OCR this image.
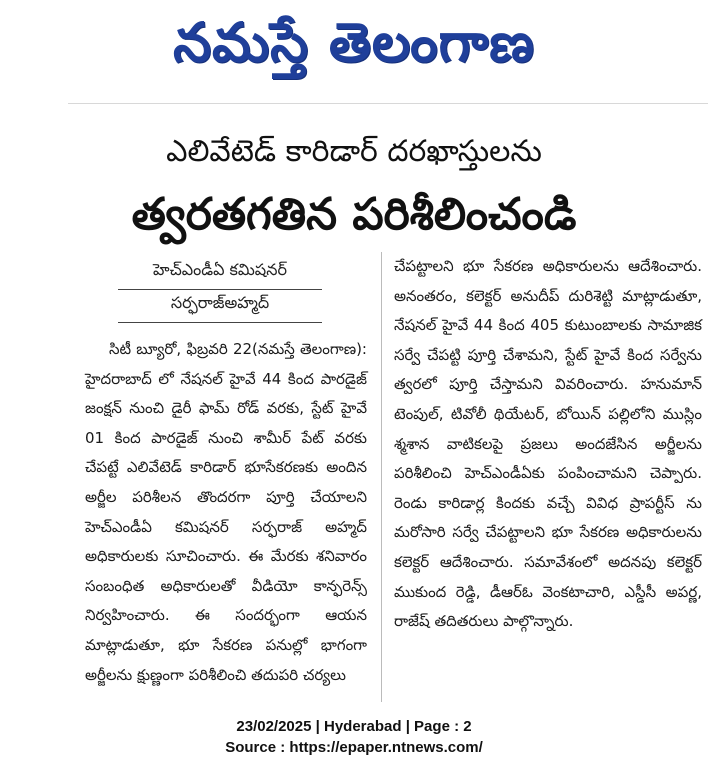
నమస్తే తెలంగాణ
ఎలివేటెడ్ కారిడార్ దరఖాస్తులను
త్వరతగతిన పరిశీలించండి
హెచ్ఎండీఏ కమిషనర్
సర్ఫరాజ్అహ్మద్

సిటీ బ్యూరో, ఫిబ్రవరి 22(నమస్తే తెలంగాణ): హైదరాబాద్ లో నేషనల్ హైవే 44 కింద పారడైజ్ జంక్షన్ నుంచి డైరీ ఫామ్ రోడ్ వరకు, స్టేట్ హైవే 01 కింద పారడైజ్ నుంచి శామీర్ పేట్ వరకు చేపట్టే ఎలివేటెడ్ కారిడార్ భూసేకరణకు అందిన అర్జీల పరిశీలన తొందరగా పూర్తి చేయాలని హెచ్ఎండీఏ కమిషనర్ సర్ఫరాజ్ అహ్మద్ అధికారులకు సూచించారు. ఈ మేరకు శనివారం సంబంధిత అధికారులతో వీడియో కాన్ఫరెన్స్ నిర్వహించారు. ఈ సందర్భంగా ఆయన మాట్లాడుతూ, భూ సేకరణ పనుల్లో భాగంగా అర్జీలను క్షుణ్ణంగా పరిశీలించి తదుపరి చర్యలు

చేపట్టాలని భూ సేకరణ అధికారులను ఆదేశించారు. అనంతరం, కలెక్టర్ అనుదీప్ దురిశెట్టి మాట్లాడుతూ, నేషనల్ హైవే 44 కింద 405 కుటుంబాలకు సామాజిక సర్వే చేపట్టి పూర్తి చేశామని, స్టేట్ హైవే కింద సర్వేను త్వరలో పూర్తి చేస్తామని వివరించారు. హనుమాన్ టెంపుల్, టివోలీ థియేటర్, బోయిన్ పల్లిలోని ముస్లిం శ్మశాన వాటికలపై ప్రజలు అందజేసిన అర్జీలను పరిశీలించి హెచ్ఎండీఏకు పంపించామని చెప్పారు. రెండు కారిడార్ల కిందకు వచ్చే వివిధ ప్రాపర్టీస్ ను మరోసారి సర్వే చేపట్టాలని భూ సేకరణ అధికారులను కలెక్టర్ ఆదేశించారు. సమావేశంలో అదనపు కలెక్టర్ ముకుంద రెడ్డి, డీఆర్ఓ వెంకటాచారి, ఎస్డీసీ అపర్ణ, రాజేష్ తదితరులు పాల్గొన్నారు.

23/02/2025 | Hyderabad | Page : 2
Source : https://epaper.ntnews.com/
